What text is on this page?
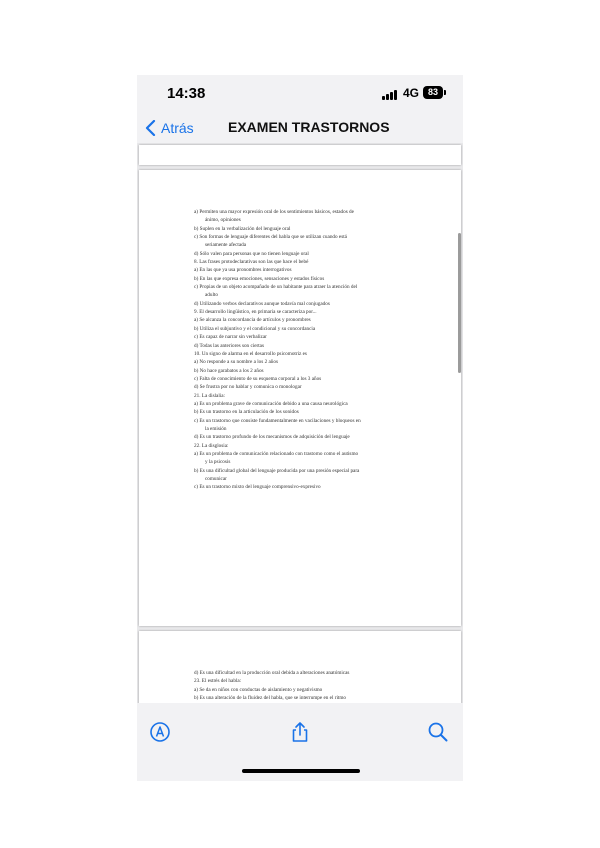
14:38	4G 83
Atrás EXAMEN TRASTORNOS
a) Permiten una mayor expresión oral de los sentimientos básicos, estados de
ánimo, opiniones
b) Suplen en la verbalización del lenguaje oral
c) Son formas de lenguaje diferentes del habla que se utilizan cuando está
seriamente afectada
d) Sólo valen para personas que no tienen lenguaje oral
8. Las frases protodeclarativas son las que hace el bebé
a) En las que ya usa pronombres interrogativos
b) En las que expresa emociones, sensaciones y estados físicos
c) Propias de un objeto acompañado de un habitante para atraer la atención del
adulto
d) Utilizando verbos declarativos aunque todavía mal conjugados
9. El desarrollo lingüístico, en primaria se caracteriza por...
a) Se alcanza la concordancia de artículos y pronombres
b) Utiliza el subjuntivo y el condicional y su concordancia
c) Es capaz de narrar sin verbalizar
d) Todas las anteriores son ciertas
10. Un signo de alarma en el desarrollo psicomotriz es
a) No responde a su nombre a los 2 años
b) No hace garabatos a los 2 años
c) Falta de conocimiento de su esquema corporal a los 3 años
d) Se frustra por no hablar y comunica o monologar
21. La dislalia:
a) Es un problema grave de comunicación debido a una causa neurológica
b) Es un trastorno en la articulación de los sonidos
c) Es un trastorno que consiste fundamentalmente en vacilaciones y bloqueos en
la emisión
d) Es un trastorno profundo de los mecanismos de adquisición del lenguaje
22. La disglosia:
a) Es un problema de comunicación relacionado con trastorno como el autismo
y la psicosis
b) Es una dificultad global del lenguaje producida por una presión especial para
comunicar
c) Es un trastorno mixto del lenguaje comprensivo-expresivo
d) Es una dificultad en la producción oral debida a alteraciones anatómicas
23. El estrés del habla:
a) Se da en niños con conductas de aislamiento y negativismo
b) Es una alteración de la fluidez del habla, que se interrumpe en el ritmo
